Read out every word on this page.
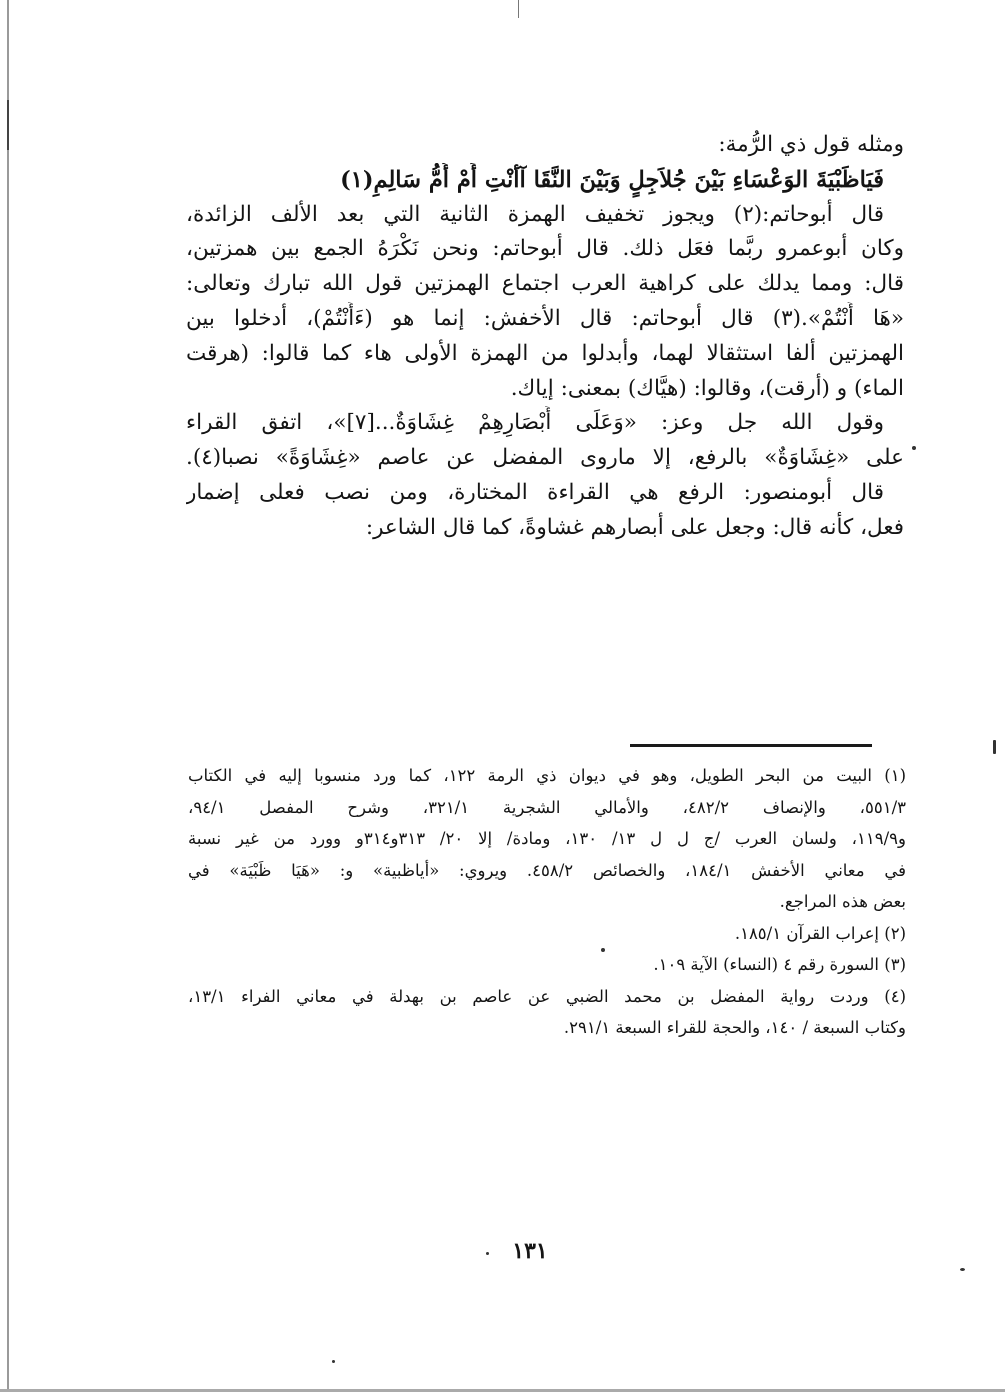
ومثله قول ذي الرُّمة:
فَيَاظَبْيَةَ الوَعْسَاءِ بَيْنَ جُلاَجِلٍ وَبَيْنَ النَّقَا آأنْتِ أَمْ أُمُّ سَالِمِ(١)
قال أبوحاتم:(٢) ويجوز تخفيف الهمزة الثانية التي بعد الألف الزائدة،
وكان أبوعمرو ربَّما فعَل ذلك. قال أبوحاتم: ونحن نَكْرَهُ الجمع بين همزتين،
قال: ومما يدلك على كراهية العرب اجتماع الهمزتين قول الله تبارك وتعالى:
«هَا أَنْتُمْ».(٣) قال أبوحاتم: قال الأخفش: إنما هو (ءَأَنْتُمْ)، أدخلوا بين
الهمزتين ألفا استثقالا لهما، وأبدلوا من الهمزة الأولى هاء كما قالوا: (هرقت
الماء) و (أرقت)، وقالوا: (هيَّاك) بمعنى: إياك.
وقول الله جل وعز: «وَعَلَى أَبْصَارِهِمْ غِشَاوَةٌ...[٧]»، اتفق القراء
على «غِشَاوَةٌ» بالرفع، إلا ماروى المفضل عن عاصم «غِشَاوَةً» نصبا(٤).
قال أبومنصور: الرفع هي القراءة المختارة، ومن نصب فعلى إضمار
فعل، كأنه قال: وجعل على أبصارهم غشاوةً، كما قال الشاعر:
(١) البيت من البحر الطويل، وهو في ديوان ذي الرمة ١٢٢، كما ورد منسوبا إليه في الكتاب
٥٥١/٣، والإنصاف ٤٨٢/٢، والأمالي الشجرية ٣٢١/١، وشرح المفصل ٩٤/١،
و١١٩/٩، ولسان العرب /ج ل ل ١٣/ ١٣٠، ومادة/ إلا ٢٠/ ٣١٣و٣١٤و وورد من غير نسبة
في معاني الأخفش ١٨٤/١، والخصائص ٤٥٨/٢. ويروي: «أياظبية» و: «هَيَا ظَبْيَة» في
بعض هذه المراجع.
(٢) إعراب القرآن ١٨٥/١.
(٣) السورة رقم ٤ (النساء) الآية ١٠٩.
(٤) وردت رواية المفضل بن محمد الضبي عن عاصم بن بهدلة في معاني الفراء ١٣/١،
وكتاب السبعة / ١٤٠، والحجة للقراء السبعة ٢٩١/١.
١٣١
